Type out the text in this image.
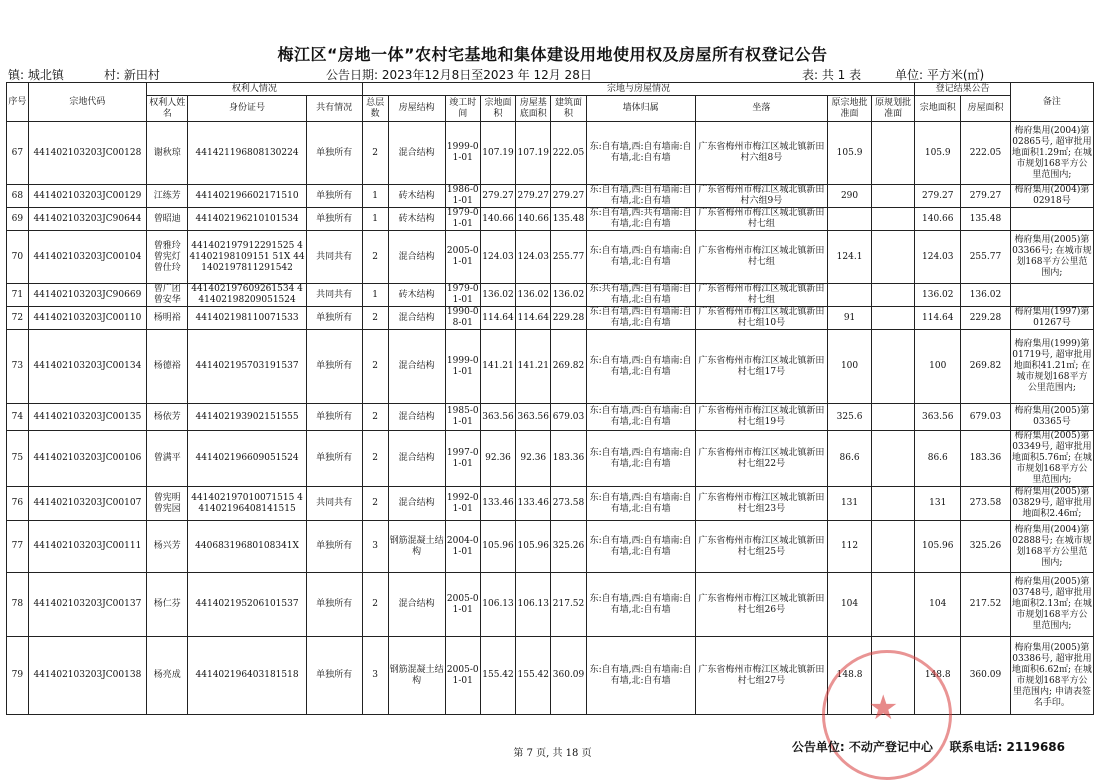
梅江区“房地一体”农村宅基地和集体建设用地使用权及房屋所有权登记公告
镇: 城北镇	村: 新田村	公告日期: 2023年12月8日至2023 年 12月 28日	表: 共 1 表	单位: 平方米(㎡)
序号	宗地代码	权利人情况			宗地与房屋情况										登记结果公告		备注
		权利人姓名	身份证号	共有情况	总层数	房屋结构	竣工时间	宗地面积	房屋基底面积	建筑面积	墙体归属	坐落	原宗地批准面	原规划批准面	宗地面积	房屋面积	
67	441402103203JC00128	谢秋琼	441421196808130224	单独所有	2	混合结构	1999-01-01	107.19	107.19	222.05	东:自有墙,西:自有墙南:自有墙,北:自有墙	广东省梅州市梅江区城北镇新田村六组8号	105.9		105.9	222.05	梅府集用(2004)第02865号, 超审批用地面积1.29㎡; 在城市规划168平方公里范围内;
68	441402103203JC00129	江练芳	441402196602171510	单独所有	1	砖木结构	1986-01-01	279.27	279.27	279.27	东:自有墙,西:自有墙南:自有墙,北:自有墙	广东省梅州市梅江区城北镇新田村六组9号	290		279.27	279.27	梅府集用(2004)第02918号
69	441402103203JC90644	曾昭迪	441402196210101534	单独所有	1	砖木结构	1979-01-01	140.66	140.66	135.48	东:自有墙,西:共有墙南:自有墙,北:自有墙	广东省梅州市梅江区城北镇新田村七组			140.66	135.48	
70	441402103203JC00104	曾雅玲 曾宪灯 曾仕玲	441402197912291525 441402198109151 51X 441402197811291542	共同共有	2	混合结构	2005-01-01	124.03	124.03	255.77	东:自有墙,西:自有墙南:自有墙,北:自有墙	广东省梅州市梅江区城北镇新田村七组	124.1		124.03	255.77	梅府集用(2005)第03366号; 在城市规划168平方公里范围内;
71	441402103203JC90669	曾广团 曾安华	441402197609261534 441402198209051524	共同共有	1	砖木结构	1979-01-01	136.02	136.02	136.02	东:共有墙,西:自有墙南:自有墙,北:自有墙	广东省梅州市梅江区城北镇新田村七组			136.02	136.02	
72	441402103203JC00110	杨明裕	441402198110071533	单独所有	2	混合结构	1990-08-01	114.64	114.64	229.28	东:自有墙,西:自有墙南:自有墙,北:自有墙	广东省梅州市梅江区城北镇新田村七组10号	91		114.64	229.28	梅府集用(1997)第01267号
73	441402103203JC00134	杨德裕	441402195703191537	单独所有	2	混合结构	1999-01-01	141.21	141.21	269.82	东:自有墙,西:自有墙南:自有墙,北:自有墙	广东省梅州市梅江区城北镇新田村七组17号	100		100	269.82	梅府集用(1999)第01719号, 超审批用地面积41.21㎡; 在城市规划168平方公里范围内;
74	441402103203JC00135	杨依芳	441402193902151555	单独所有	2	混合结构	1985-01-01	363.56	363.56	679.03	东:自有墙,西:自有墙南:自有墙,北:自有墙	广东省梅州市梅江区城北镇新田村七组19号	325.6		363.56	679.03	梅府集用(2005)第03365号
75	441402103203JC00106	曾满平	441402196609051524	单独所有	2	混合结构	1997-01-01	92.36	92.36	183.36	东:自有墙,西:自有墙南:自有墙,北:自有墙	广东省梅州市梅江区城北镇新田村七组22号	86.6		86.6	183.36	梅府集用(2005)第03349号, 超审批用地面积5.76㎡; 在城市规划168平方公里范围内;
76	441402103203JC00107	曾宪明 曾宪园	441402197010071515 441402196408141515	共同共有	2	混合结构	1992-01-01	133.46	133.46	273.58	东:自有墙,西:自有墙南:自有墙,北:自有墙	广东省梅州市梅江区城北镇新田村七组23号	131		131	273.58	梅府集用(2005)第03829号, 超审批用地面积2.46㎡;
77	441402103203JC00111	杨兴芳	44068319680108341X	单独所有	3	钢筋混凝土结构	2004-01-01	105.96	105.96	325.26	东:自有墙,西:自有墙南:自有墙,北:自有墙	广东省梅州市梅江区城北镇新田村七组25号	112		105.96	325.26	梅府集用(2004)第02888号; 在城市规划168平方公里范围内;
78	441402103203JC00137	杨仁芬	441402195206101537	单独所有	2	混合结构	2005-01-01	106.13	106.13	217.52	东:自有墙,西:自有墙南:自有墙,北:自有墙	广东省梅州市梅江区城北镇新田村七组26号	104		104	217.52	梅府集用(2005)第03748号, 超审批用地面积2.13㎡; 在城市规划168平方公里范围内;
79	441402103203JC00138	杨亮成	441402196403181518	单独所有	3	钢筋混凝土结构	2005-01-01	155.42	155.42	360.09	东:自有墙,西:自有墙南:自有墙,北:自有墙	广东省梅州市梅江区城北镇新田村七组27号	148.8		148.8	360.09	梅府集用(2005)第03386号, 超审批用地面积6.62㎡; 在城市规划168平方公里范围内; 申请表签名手印。
★
第 7 页, 共 18 页	公告单位: 不动产登记中心 联系电话: 2119686
